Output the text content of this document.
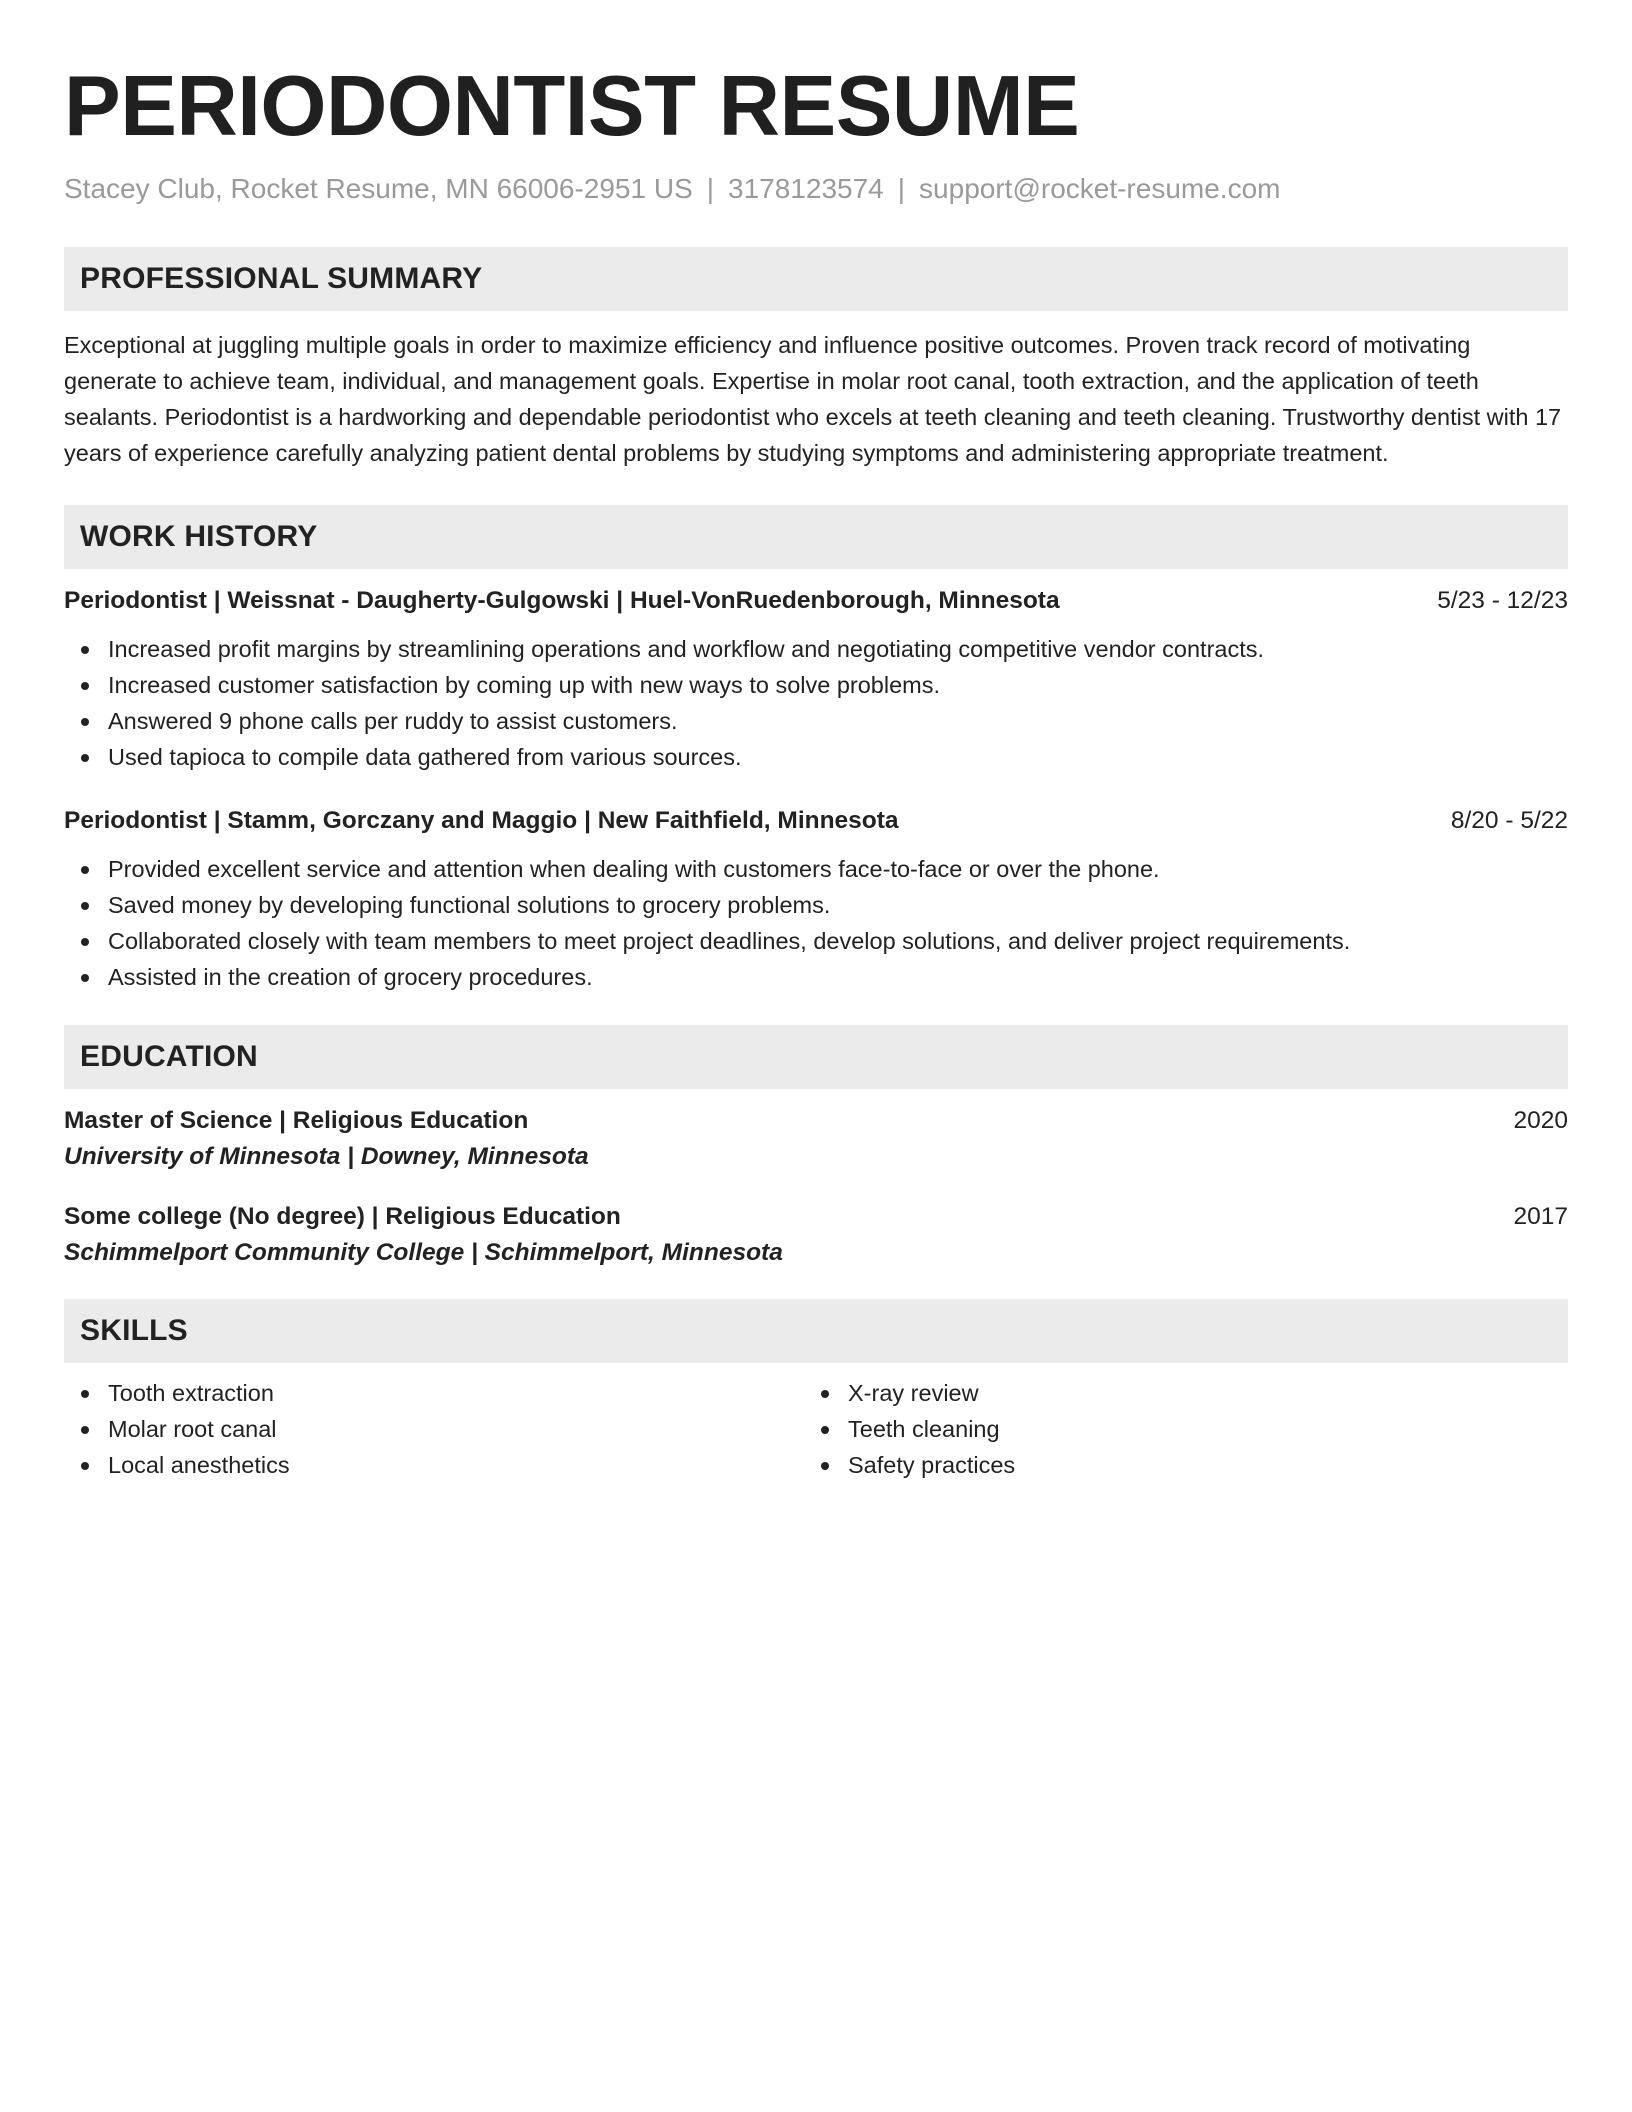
PERIODONTIST RESUME
Stacey Club, Rocket Resume, MN 66006-2951 US | 3178123574 | support@rocket-resume.com
PROFESSIONAL SUMMARY

Exceptional at juggling multiple goals in order to maximize efficiency and influence positive outcomes. Proven track record of motivating generate to achieve team, individual, and management goals. Expertise in molar root canal, tooth extraction, and the application of teeth sealants. Periodontist is a hardworking and dependable periodontist who excels at teeth cleaning and teeth cleaning. Trustworthy dentist with 17 years of experience carefully analyzing patient dental problems by studying symptoms and administering appropriate treatment.

WORK HISTORY
Periodontist | Weissnat - Daugherty-Gulgowski | Huel-VonRuedenborough, Minnesota	5/23 - 12/23
Increased profit margins by streamlining operations and workflow and negotiating competitive vendor contracts.
Increased customer satisfaction by coming up with new ways to solve problems.
Answered 9 phone calls per ruddy to assist customers.
Used tapioca to compile data gathered from various sources.
Periodontist | Stamm, Gorczany and Maggio | New Faithfield, Minnesota	8/20 - 5/22
Provided excellent service and attention when dealing with customers face-to-face or over the phone.
Saved money by developing functional solutions to grocery problems.
Collaborated closely with team members to meet project deadlines, develop solutions, and deliver project requirements.
Assisted in the creation of grocery procedures.
EDUCATION
Master of Science | Religious Education	2020
University of Minnesota | Downey, Minnesota
Some college (No degree) | Religious Education	2017
Schimmelport Community College | Schimmelport, Minnesota
SKILLS
Tooth extraction
Molar root canal
Local anesthetics
X-ray review
Teeth cleaning
Safety practices
